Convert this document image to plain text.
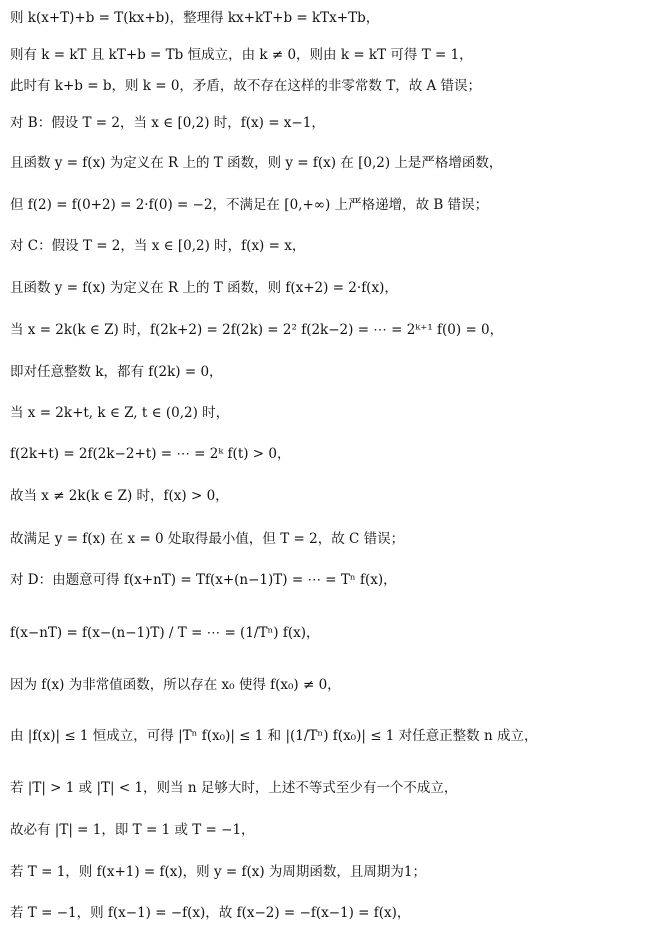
则 k(x+T)+b = T(kx+b)，整理得 kx+kT+b = kTx+Tb，
则有 k = kT 且 kT+b = Tb 恒成立，由 k ≠ 0，则由 k = kT 可得 T = 1，
此时有 k+b = b，则 k = 0，矛盾，故不存在这样的非零常数 T，故 A 错误；
对 B：假设 T = 2，当 x ∈ [0,2) 时，f(x) = x−1，
且函数 y = f(x) 为定义在 R 上的 T 函数，则 y = f(x) 在 [0,2) 上是严格增函数，
但 f(2) = f(0+2) = 2·f(0) = −2，不满足在 [0,+∞) 上严格递增，故 B 错误；
对 C：假设 T = 2，当 x ∈ [0,2) 时，f(x) = x，
且函数 y = f(x) 为定义在 R 上的 T 函数，则 f(x+2) = 2·f(x)，
当 x = 2k(k ∈ Z) 时，f(2k+2) = 2f(2k) = 2² f(2k−2) = ⋯ = 2ᵏ⁺¹ f(0) = 0，
即对任意整数 k，都有 f(2k) = 0，
当 x = 2k+t, k ∈ Z, t ∈ (0,2) 时，
f(2k+t) = 2f(2k−2+t) = ⋯ = 2ᵏ f(t) > 0，
故当 x ≠ 2k(k ∈ Z) 时，f(x) > 0，
故满足 y = f(x) 在 x = 0 处取得最小值，但 T = 2，故 C 错误；
对 D：由题意可得 f(x+nT) = Tf(x+(n−1)T) = ⋯ = Tⁿ f(x)，
f(x−nT) = f(x−(n−1)T) / T = ⋯ = (1/Tⁿ) f(x)，
因为 f(x) 为非常值函数，所以存在 x₀ 使得 f(x₀) ≠ 0，
由 |f(x)| ≤ 1 恒成立，可得 |Tⁿ f(x₀)| ≤ 1 和 |(1/Tⁿ) f(x₀)| ≤ 1 对任意正整数 n 成立，
若 |T| > 1 或 |T| < 1，则当 n 足够大时，上述不等式至少有一个不成立，
故必有 |T| = 1，即 T = 1 或 T = −1，
若 T = 1，则 f(x+1) = f(x)，则 y = f(x) 为周期函数，且周期为1；
若 T = −1，则 f(x−1) = −f(x)，故 f(x−2) = −f(x−1) = f(x)，
